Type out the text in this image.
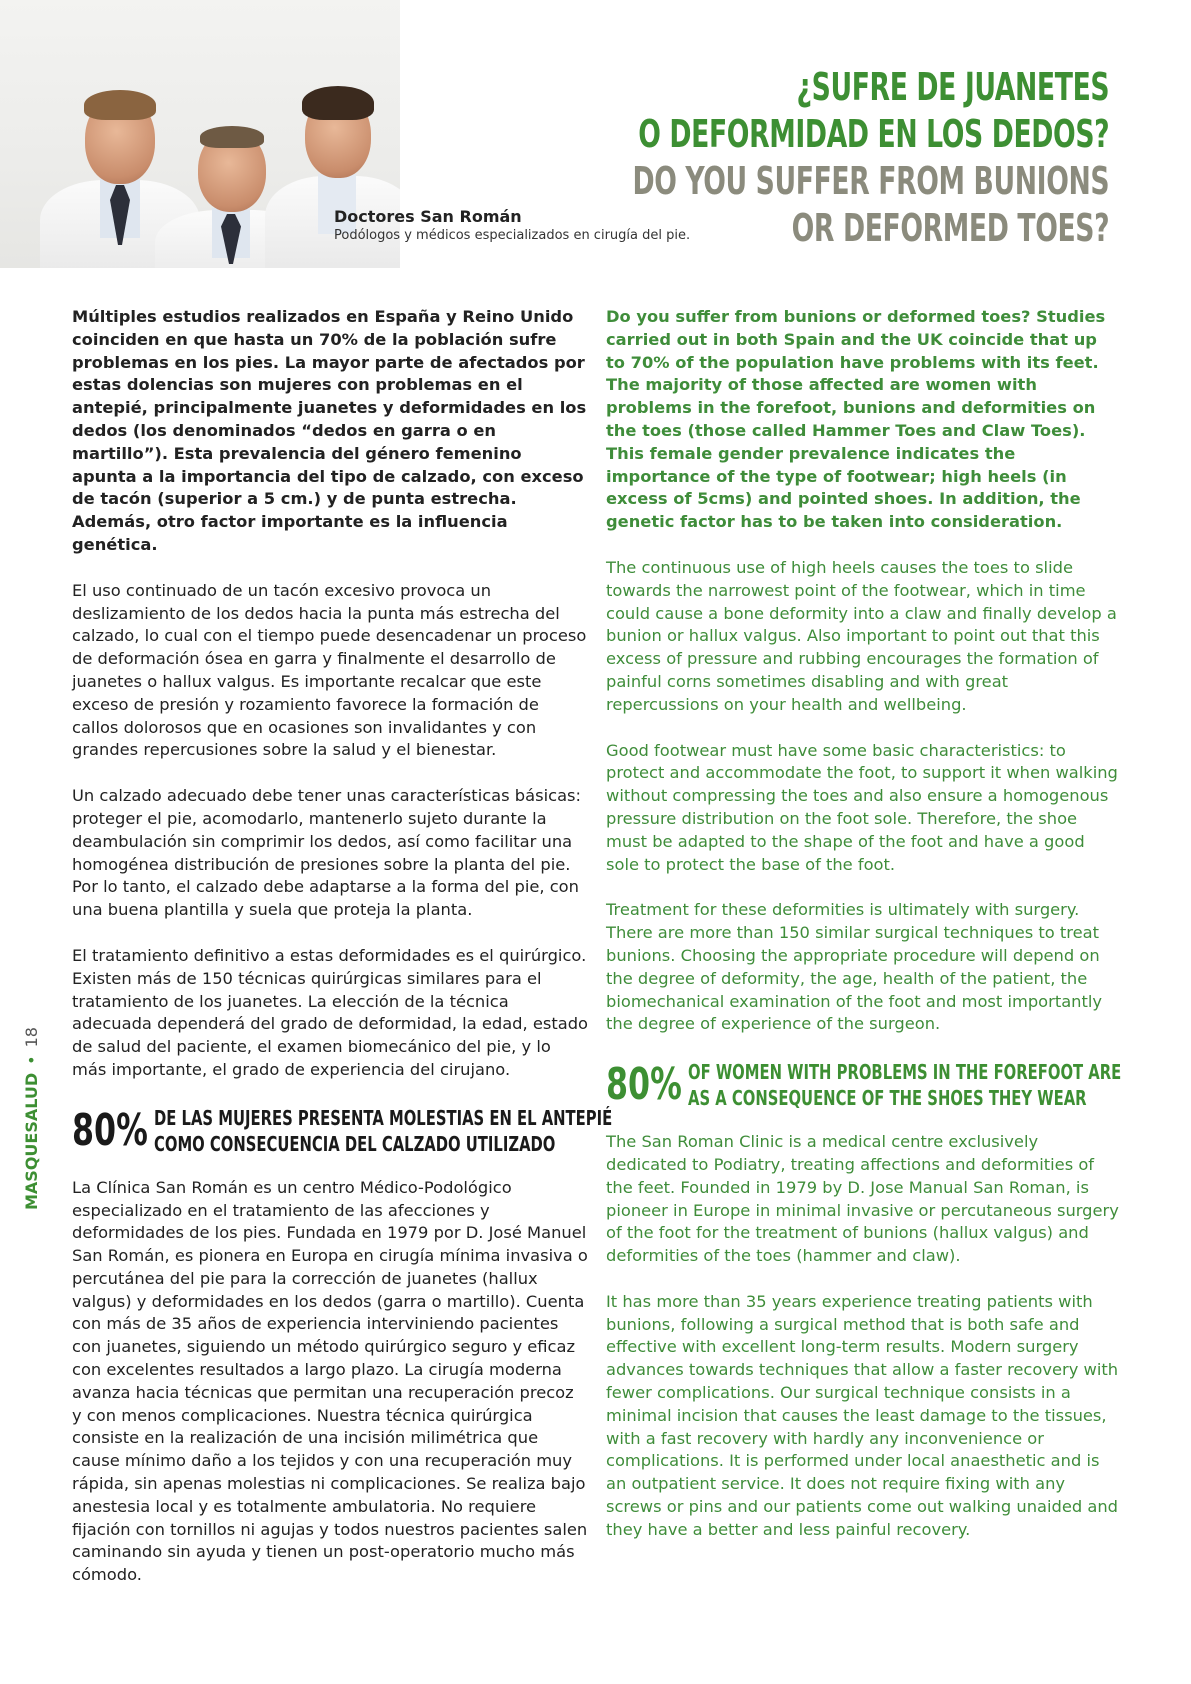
Doctores San Román
Podólogos y médicos especializados en cirugía del pie.
¿SUFRE DE JUANETES
O DEFORMIDAD EN LOS DEDOS?
DO YOU SUFFER FROM BUNIONS
OR DEFORMED TOES?

Múltiples estudios realizados en España y Reino Unido coinciden en que hasta un 70% de la población sufre problemas en los pies. La mayor parte de afectados por estas dolencias son mujeres con problemas en el antepié, principalmente juanetes y deformidades en los dedos (los denominados “dedos en garra o en martillo”). Esta prevalencia del género femenino apunta a la importancia del tipo de calzado, con exceso de tacón (superior a 5 cm.) y de punta estrecha. Además, otro factor importante es la influencia genética.

El uso continuado de un tacón excesivo provoca un deslizamiento de los dedos hacia la punta más estrecha del calzado, lo cual con el tiempo puede desencadenar un proceso de deformación ósea en garra y finalmente el desarrollo de juanetes o hallux valgus. Es importante recalcar que este exceso de presión y rozamiento favorece la formación de callos dolorosos que en ocasiones son invalidantes y con grandes repercusiones sobre la salud y el bienestar.

Un calzado adecuado debe tener unas características básicas: proteger el pie, acomodarlo, mantenerlo sujeto durante la deambulación sin comprimir los dedos, así como facilitar una homogénea distribución de presiones sobre la planta del pie. Por lo tanto, el calzado debe adaptarse a la forma del pie, con una buena plantilla y suela que proteja la planta.

El tratamiento definitivo a estas deformidades es el quirúrgico. Existen más de 150 técnicas quirúrgicas similares para el tratamiento de los juanetes. La elección de la técnica adecuada dependerá del grado de deformidad, la edad, estado de salud del paciente, el examen biomecánico del pie, y lo más importante, el grado de experiencia del cirujano.

80% DE LAS MUJERES PRESENTA MOLESTIAS EN EL ANTEPIÉ
COMO CONSECUENCIA DEL CALZADO UTILIZADO

La Clínica San Román es un centro Médico-Podológico especializado en el tratamiento de las afecciones y deformidades de los pies. Fundada en 1979 por D. José Manuel San Román, es pionera en Europa en cirugía mínima invasiva o percutánea del pie para la corrección de juanetes (hallux valgus) y deformidades en los dedos (garra o martillo). Cuenta con más de 35 años de experiencia interviniendo pacientes con juanetes, siguiendo un método quirúrgico seguro y eficaz con excelentes resultados a largo plazo. La cirugía moderna avanza hacia técnicas que permitan una recuperación precoz y con menos complicaciones. Nuestra técnica quirúrgica consiste en la realización de una incisión milimétrica que cause mínimo daño a los tejidos y con una recuperación muy rápida, sin apenas molestias ni complicaciones. Se realiza bajo anestesia local y es totalmente ambulatoria. No requiere fijación con tornillos ni agujas y todos nuestros pacientes salen caminando sin ayuda y tienen un post-operatorio mucho más cómodo.

Do you suffer from bunions or deformed toes? Studies carried out in both Spain and the UK coincide that up to 70% of the population have problems with its feet. The majority of those affected are women with problems in the forefoot, bunions and deformities on the toes (those called Hammer Toes and Claw Toes). This female gender prevalence indicates the importance of the type of footwear; high heels (in excess of 5cms) and pointed shoes. In addition, the genetic factor has to be taken into consideration.

The continuous use of high heels causes the toes to slide towards the narrowest point of the footwear, which in time could cause a bone deformity into a claw and finally develop a bunion or hallux valgus. Also important to point out that this excess of pressure and rubbing encourages the formation of painful corns sometimes disabling and with great repercussions on your health and wellbeing.

Good footwear must have some basic characteristics: to protect and accommodate the foot, to support it when walking without compressing the toes and also ensure a homogenous pressure distribution on the foot sole. Therefore, the shoe must be adapted to the shape of the foot and have a good sole to protect the base of the foot.

Treatment for these deformities is ultimately with surgery. There are more than 150 similar surgical techniques to treat bunions. Choosing the appropriate procedure will depend on the degree of deformity, the age, health of the patient, the biomechanical examination of the foot and most importantly the degree of experience of the surgeon.

80% OF WOMEN WITH PROBLEMS IN THE FOREFOOT ARE
AS A CONSEQUENCE OF THE SHOES THEY WEAR

The San Roman Clinic is a medical centre exclusively dedicated to Podiatry, treating affections and deformities of the feet. Founded in 1979 by D. Jose Manual San Roman, is pioneer in Europe in minimal invasive or percutaneous surgery of the foot for the treatment of bunions (hallux valgus) and deformities of the toes (hammer and claw).

It has more than 35 years experience treating patients with bunions, following a surgical method that is both safe and effective with excellent long-term results. Modern surgery advances towards techniques that allow a faster recovery with fewer complications. Our surgical technique consists in a minimal incision that causes the least damage to the tissues, with a fast recovery with hardly any inconvenience or complications. It is performed under local anaesthetic and is an outpatient service. It does not require fixing with any screws or pins and our patients come out walking unaided and they have a better and less painful recovery.

MASQUESALUD•18
